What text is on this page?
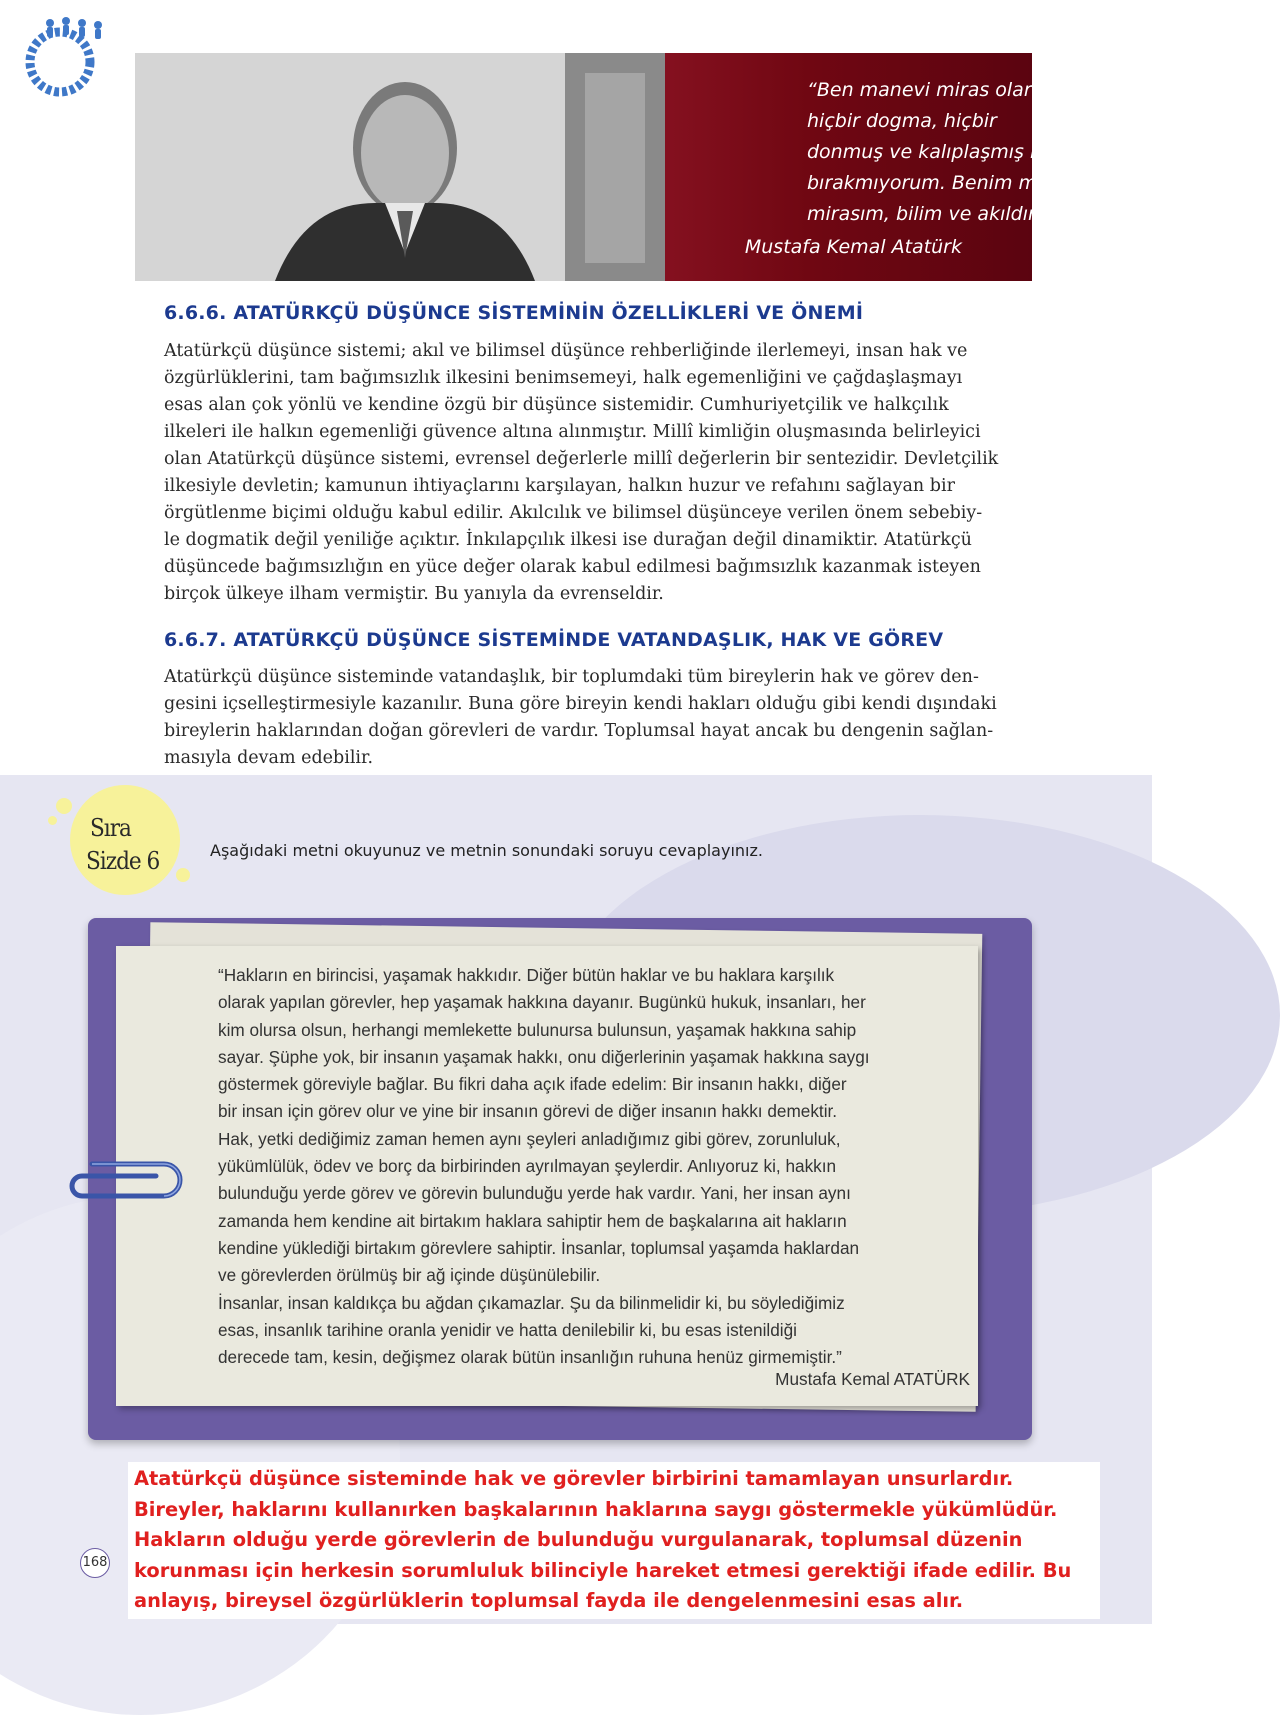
“Ben manevi miras olarak
hiçbir dogma, hiçbir
donmuş ve kalıplaşmış kural
bırakmıyorum. Benim manevi
mirasım, bilim ve akıldır.”
Mustafa Kemal Atatürk
6.6.6. ATATÜRKÇÜ DÜŞÜNCE SİSTEMİNİN ÖZELLİKLERİ VE ÖNEMİ
Atatürkçü düşünce sistemi; akıl ve bilimsel düşünce rehberliğinde ilerlemeyi, insan hak ve
özgürlüklerini, tam bağımsızlık ilkesini benimsemeyi, halk egemenliğini ve çağdaşlaşmayı
esas alan çok yönlü ve kendine özgü bir düşünce sistemidir. Cumhuriyetçilik ve halkçılık
ilkeleri ile halkın egemenliği güvence altına alınmıştır. Millî kimliğin oluşmasında belirleyici
olan Atatürkçü düşünce sistemi, evrensel değerlerle millî değerlerin bir sentezidir. Devletçilik
ilkesiyle devletin; kamunun ihtiyaçlarını karşılayan, halkın huzur ve refahını sağlayan bir
örgütlenme biçimi olduğu kabul edilir. Akılcılık ve bilimsel düşünceye verilen önem sebebiy-
le dogmatik değil yeniliğe açıktır. İnkılapçılık ilkesi ise durağan değil dinamiktir. Atatürkçü
düşüncede bağımsızlığın en yüce değer olarak kabul edilmesi bağımsızlık kazanmak isteyen
birçok ülkeye ilham vermiştir. Bu yanıyla da evrenseldir.
6.6.7. ATATÜRKÇÜ DÜŞÜNCE SİSTEMİNDE VATANDAŞLIK, HAK VE GÖREV
Atatürkçü düşünce sisteminde vatandaşlık, bir toplumdaki tüm bireylerin hak ve görev den-
gesini içselleştirmesiyle kazanılır. Buna göre bireyin kendi hakları olduğu gibi kendi dışındaki
bireylerin haklarından doğan görevleri de vardır. Toplumsal hayat ancak bu dengenin sağlan-
masıyla devam edebilir.
Sıra
Sizde 6	Aşağıdaki metni okuyunuz ve metnin sonundaki soruyu cevaplayınız.
“Hakların en birincisi, yaşamak hakkıdır. Diğer bütün haklar ve bu haklara karşılık
olarak yapılan görevler, hep yaşamak hakkına dayanır. Bugünkü hukuk, insanları, her
kim olursa olsun, herhangi memlekette bulunursa bulunsun, yaşamak hakkına sahip
sayar. Şüphe yok, bir insanın yaşamak hakkı, onu diğerlerinin yaşamak hakkına saygı
göstermek göreviyle bağlar. Bu fikri daha açık ifade edelim: Bir insanın hakkı, diğer
bir insan için görev olur ve yine bir insanın görevi de diğer insanın hakkı demektir.
Hak, yetki dediğimiz zaman hemen aynı şeyleri anladığımız gibi görev, zorunluluk,
yükümlülük, ödev ve borç da birbirinden ayrılmayan şeylerdir. Anlıyoruz ki, hakkın
bulunduğu yerde görev ve görevin bulunduğu yerde hak vardır. Yani, her insan aynı
zamanda hem kendine ait birtakım haklara sahiptir hem de başkalarına ait hakların
kendine yüklediği birtakım görevlere sahiptir. İnsanlar, toplumsal yaşamda haklardan
ve görevlerden örülmüş bir ağ içinde düşünülebilir.
İnsanlar, insan kaldıkça bu ağdan çıkamazlar. Şu da bilinmelidir ki, bu söylediğimiz
esas, insanlık tarihine oranla yenidir ve hatta denilebilir ki, bu esas istenildiği
derecede tam, kesin, değişmez olarak bütün insanlığın ruhuna henüz girmemiştir.”
Mustafa Kemal ATATÜRK
Atatürkçü düşünce sisteminde hak ve görevler birbirini tamamlayan unsurlardır.
Bireyler, haklarını kullanırken başkalarının haklarına saygı göstermekle yükümlüdür.
Hakların olduğu yerde görevlerin de bulunduğu vurgulanarak, toplumsal düzenin
korunması için herkesin sorumluluk bilinciyle hareket etmesi gerektiği ifade edilir. Bu
anlayış, bireysel özgürlüklerin toplumsal fayda ile dengelenmesini esas alır.
168
